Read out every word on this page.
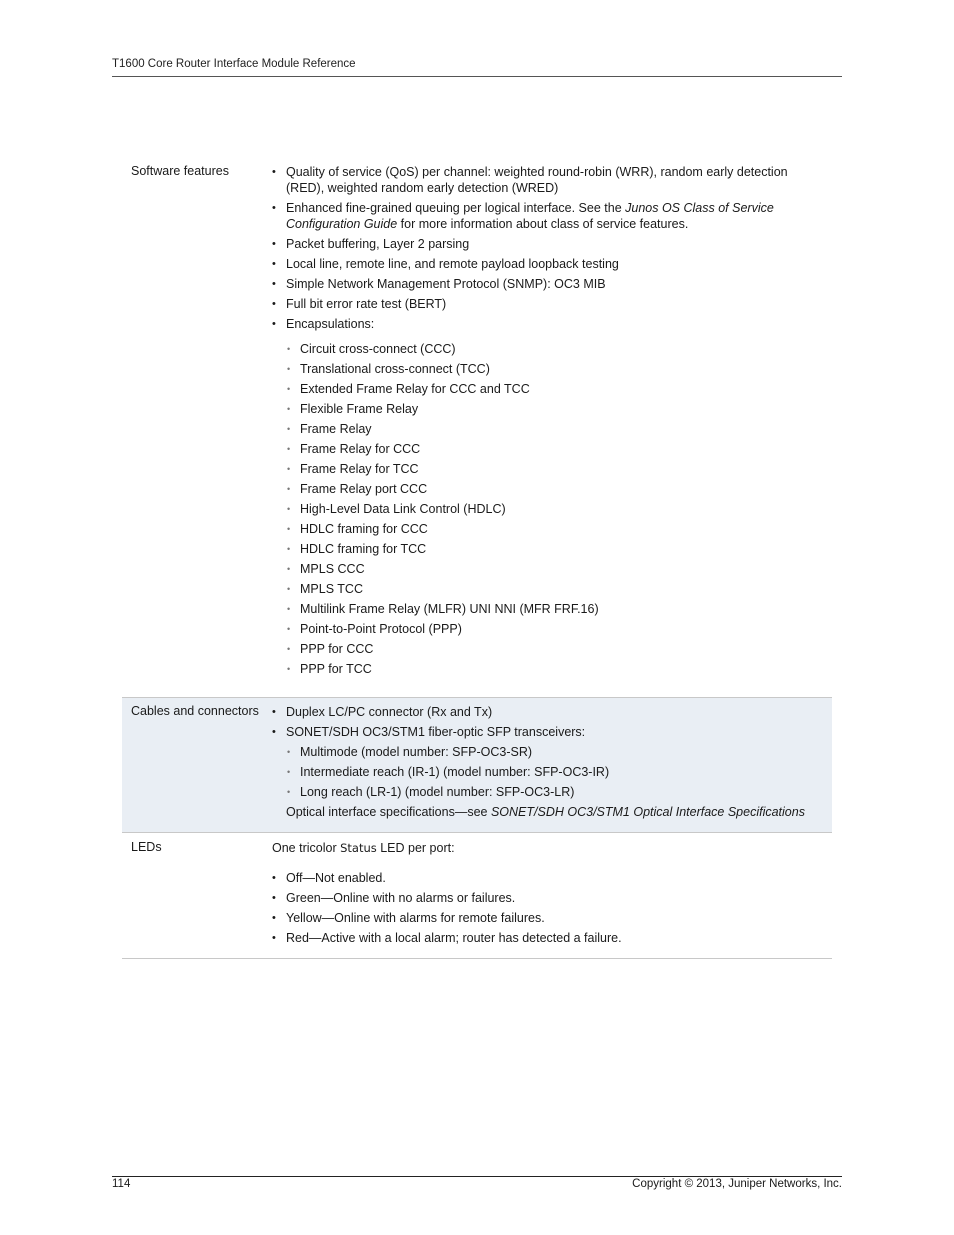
T1600 Core Router Interface Module Reference
Software features	• Quality of service (QoS) per channel: weighted round-robin (WRR), random early detection (RED), weighted random early detection (WRED)
• Enhanced fine-grained queuing per logical interface. See the Junos OS Class of Service Configuration Guide for more information about class of service features.
• Packet buffering, Layer 2 parsing
• Local line, remote line, and remote payload loopback testing
• Simple Network Management Protocol (SNMP): OC3 MIB
• Full bit error rate test (BERT)
• Encapsulations:
• Circuit cross-connect (CCC)
• Translational cross-connect (TCC)
• Extended Frame Relay for CCC and TCC
• Flexible Frame Relay
• Frame Relay
• Frame Relay for CCC
• Frame Relay for TCC
• Frame Relay port CCC
• High-Level Data Link Control (HDLC)
• HDLC framing for CCC
• HDLC framing for TCC
• MPLS CCC
• MPLS TCC
• Multilink Frame Relay (MLFR) UNI NNI (MFR FRF.16)
• Point-to-Point Protocol (PPP)
• PPP for CCC
• PPP for TCC
Cables and connectors	• Duplex LC/PC connector (Rx and Tx)
• SONET/SDH OC3/STM1 fiber-optic SFP transceivers:
• Multimode (model number: SFP-OC3-SR)
• Intermediate reach (IR-1) (model number: SFP-OC3-IR)
• Long reach (LR-1) (model number: SFP-OC3-LR)
Optical interface specifications—see SONET/SDH OC3/STM1 Optical Interface Specifications
LEDs	One tricolor Status LED per port:
• Off—Not enabled.
• Green—Online with no alarms or failures.
• Yellow—Online with alarms for remote failures.
• Red—Active with a local alarm; router has detected a failure.
114	Copyright © 2013, Juniper Networks, Inc.
